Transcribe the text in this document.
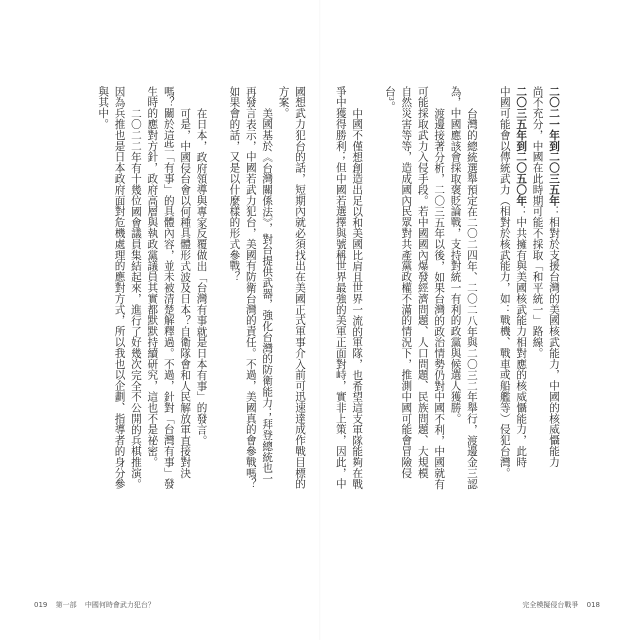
二〇二一年到二〇三五年：相對於支援台灣的美國核武能力，中國的核威懾能力
尚不充分，中國在此時期可能不採取「和平統一」路線。
二〇三五年到二〇五〇年：中共擁有與美國核武能力相對應的核威懾能力，此時
中國可能會以傳統武力（相對於核武能力，如：戰機、戰車或船艦等）侵犯台灣。
台灣的總統選舉預定在二〇二四年、二〇二八年與二〇三二年舉行，渡邊金三認
為，中國應該會採取褒貶論戰，支持對統一有利的政黨與候選人獲勝。
渡邊接著分析，二〇三五年以後，如果台灣的政治情勢仍對中國不利，中國就有
可能採取武力入侵手段。若中國國內爆發經濟問題、人口問題、民族問題、大規模
自然災害等等，造成國內民眾對共產黨政權不滿的情況下，推測中國可能會冒險侵
台3。
中國不僅想創造出足以和美國比肩且世界一流的軍隊，也希望這支軍隊能夠在戰
爭中獲得勝利；但中國若選擇與號稱世界最強的美軍正面對峙，實非上策，因此，中
國想武力犯台的話，短期內就必須找出在美國正式軍事介入前可迅速達成作戰目標的
方案。
美國基於《台灣關係法》，對台提供武器，強化台灣的防衛能力；拜登總統也一
再發言表示，中國若武力犯台，美國有防衛台灣的責任。不過，美國真的會參戰嗎？
如果會的話，又是以什麼樣的形式參戰？
在日本，政府領導與專家反覆做出「台灣有事就是日本有事」的發言。
可是，中國侵台會以何種具體形式波及日本？自衛隊會和人民解放軍直接對決
嗎？關於這些「有事」的具體內容，並未被清楚解釋過。不過，針對「台灣有事」發
生時的應對方針，政府高層與執政黨議員其實都默默持續研究，這也不是祕密。
二〇二二年有十幾位國會議員集結起來，進行了好幾次完全不公開的兵棋推演。
因為兵推也是日本政府面對危機處理的應對方式，所以我也以企劃、指導者的身分參
與其中。
019 第一部 中國何時會武力犯台？	完全模擬侵台戰爭 018
